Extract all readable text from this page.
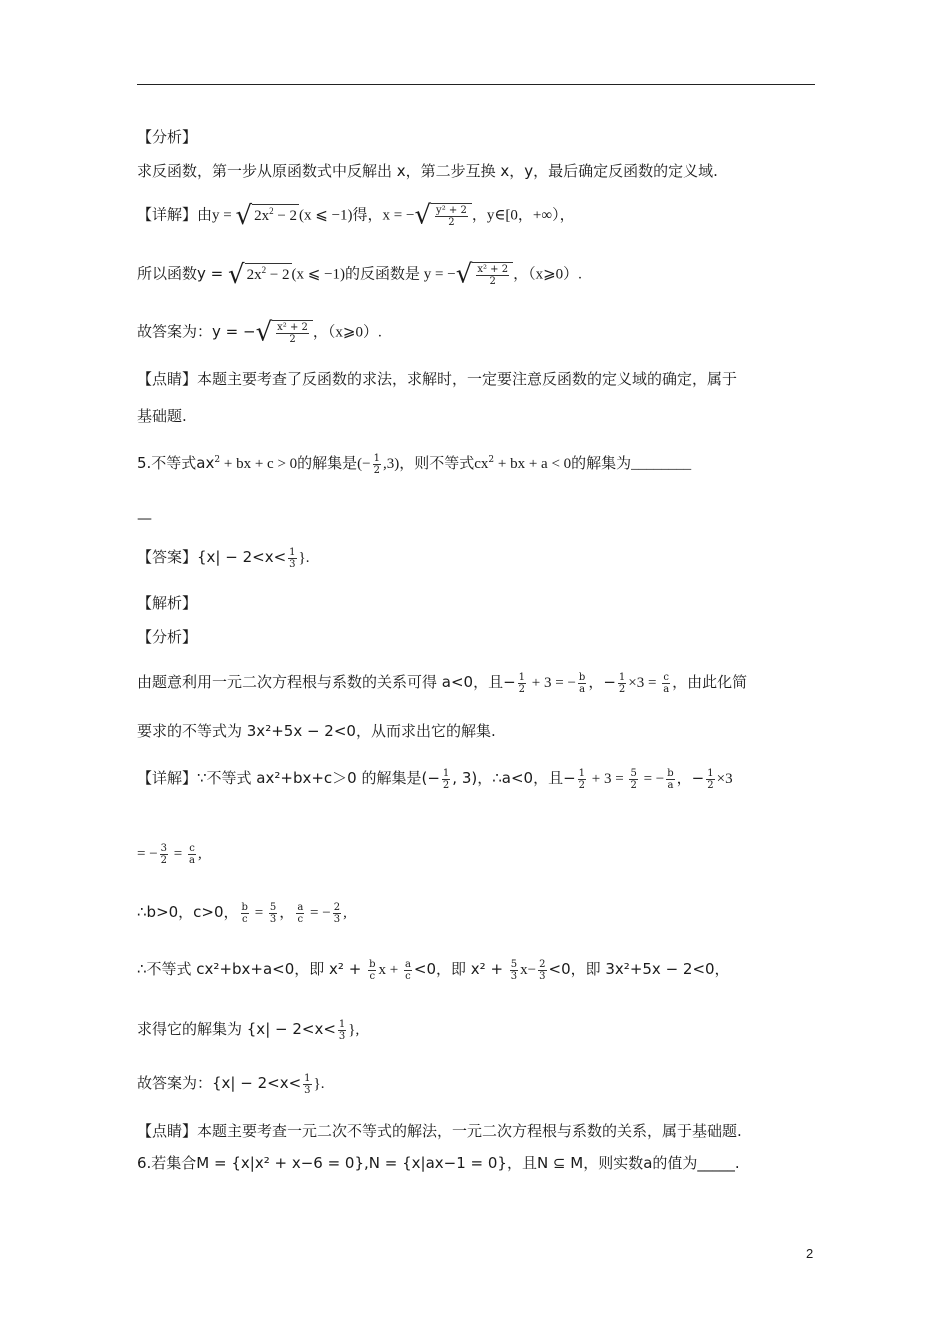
【分析】
求反函数，第一步从原函数式中反解出 x，第二步互换 x，y，最后确定反函数的定义域.
【详解】由y = √ $2x^2 - 2$ (x ⩽ −1)得，x = −√ $\frac{\text{y² + 2}}{2}$ ，y∈[0，+∞），
所以函数y = √ $2x^2 - 2$ (x ⩽ −1)的反函数是 y = −√ $\frac{\text{x² + 2}}{2}$ ，（x⩾0）.
故答案为：y = −√ $\frac{\text{x² + 2}}{2}$ ，（x⩾0）.
【点睛】本题主要考查了反函数的求法，求解时，一定要注意反函数的定义域的确定，属于
基础题.
5.不等式$ax^2$ + bx + c > 0的解集是(− $\frac{1}{2} ,3$)，则不等式$cx^2$ + bx + a < 0的解集为________
—
【答案】{$x| - 2<x< \frac{1}{3}$ }.
【解析】
【分析】
由题意利用一元二次方程根与系数的关系可得 a<0，且− $\frac{1}{2} + 3$ = − $\frac{b}{a}$ ，− $\frac{1}{2} \times 3 = \frac{c}{a}$ ，由此化简
要求的不等式为 3x²+5x − 2<0，从而求出它的解集.
【详解】∵不等式 ax²+bx+c＞0 的解集是(− $\frac{1}{2}$ , 3)，∴a<0，且− $\frac{1}{2} + 3 = \frac{5}{2}$ = − $\frac{b}{a}$ ，− $\frac{1}{2} \times 3$
= − $\frac{3}{2} = \frac{c}{a}$ ,
∴b>0，c>0， $\frac{b}{c} = \frac{5}{3}$ ， $\frac{a}{c}$ = − $\frac{2}{3}$ ,
∴不等式 cx²+bx+a<0，即 $x^2 + \frac{b}{c}$ $x + \frac{a}{c} <0$，即 $x^2 + \frac{5}{3} x- \frac{2}{3} <0$，即 3x²+5x − 2<0，
求得它的解集为 {$x| - 2<x< \frac{1}{3}$ },
故答案为：{$x| - 2<x< \frac{1}{3}$ }.
【点睛】本题主要考查一元二次不等式的解法，一元二次方程根与系数的关系，属于基础题.
6.若集合M = {x|x² + x−6 = 0},N = {x|ax−1 = 0}，且N ⊆ M，则实数a的值为_____.
2
